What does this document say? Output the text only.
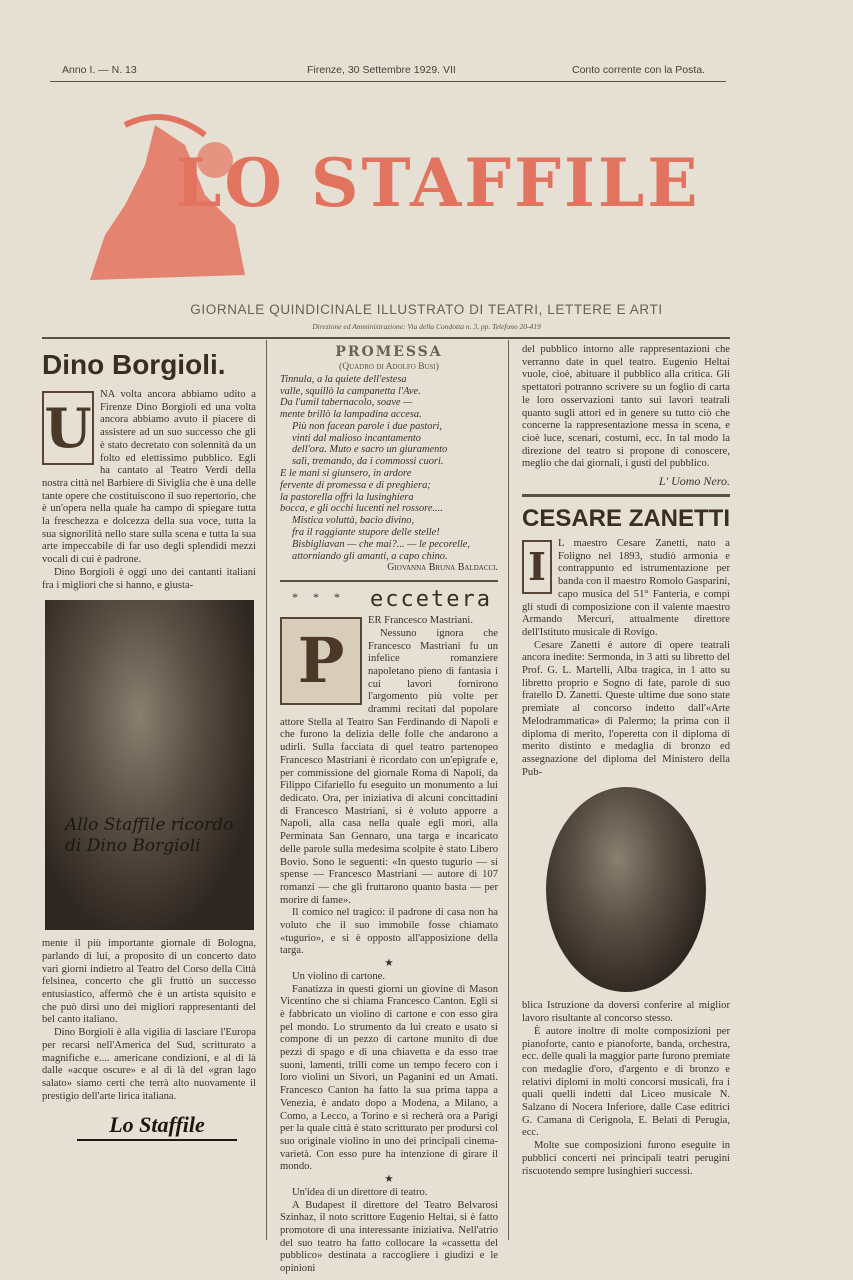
Anno I. — N. 13	Firenze, 30 Settembre 1929. VII	Conto corrente con la Posta.
LO STAFFILE
GIORNALE QUINDICINALE ILLUSTRATO DI TEATRI, LETTERE E ARTI
Direzione ed Amministrazione: Via della Condotta n. 3, pp. Telefono 20-419
Dino Borgioli.

U
NA volta ancora abbiamo udito a Firenze Dino Borgioli ed una volta ancora abbiamo avuto il piacere di assistere ad un suo successo che gli è stato decretato con solennità da un folto ed elettissimo pubblico. Egli ha cantato al Teatro Verdi della nostra città nel Barbiere di Siviglia che è una delle tante opere che costituiscono il suo repertorio, che è un'opera nella quale ha campo di spiegare tutta la freschezza e dolcezza della sua voce, tutta la sua signorilità nello stare sulla scena e tutta la sua arte impeccabile di far uso degli splendidi mezzi vocali di cui è padrone.

Dino Borgioli è oggi uno dei cantanti italiani fra i migliori che si hanno, e giusta-

Allo Staffile ricordo di Dino Borgioli

mente il più importante giornale di Bologna, parlando di lui, a proposito di un concerto dato vari giorni indietro al Teatro del Corso della Città felsinea, concerto che gli fruttò un successo entusiastico, affermò che è un artista squisito e che può dirsi uno dei migliori rappresentanti del bel canto italiano.

Dino Borgioli è alla vigilia di lasciare l'Europa per recarsi nell'America del Sud, scritturato a magnifiche e.... americane condizioni, e al di là dalle «acque oscure» e al di là del «gran lago salato» siamo certi che terrà alto nuovamente il prestigio dell'arte lirica italiana.

Lo Staffile
PROMESSA
(Quadro di Adolfo Busi)
Tinnula, a la quiete dell'estesa
valle, squillò la campanetta l'Ave.
Da l'umil tabernacolo, soave —
mente brillò la lampadina accesa.
Più non facean parole i due pastori,
vinti dal malioso incantamento
dell'ora. Muto e sacro un giuramento
salì, tremando, da i commossi cuori.
E le mani si giunsero, in ardore
fervente di promessa e di preghiera;
la pastorella offrì la lusinghiera
bocca, e gli occhi lucenti nel rossore....
Mistica voluttà, bacio divino,
fra il raggiante stupore delle stelle!
Bisbigliavan — che mai?... — le pecorelle,
attorniando gli amanti, a capo chino.
Giovanna Bruna Baldacci.
* * * eccetera

P
ER Francesco Mastriani.

Nessuno ignora che Francesco Mastriani fu un infelice romanziere napoletano pieno di fantasia i cui lavori fornirono l'argomento più volte per drammi recitati dal popolare attore Stella al Teatro San Ferdinando di Napoli e che furono la delizia delle folle che andarono a udirli. Sulla facciata di quel teatro partenopeo Francesco Mastriani è ricordato con un'epigrafe e, per commissione del giornale Roma di Napoli, da Filippo Cifariello fu eseguito un monumento a lui dedicato. Ora, per iniziativa di alcuni concittadini di Francesco Mastriani, si è voluto apporre a Napoli, alla casa nella quale egli morì, alla Perminata San Gennaro, una targa e incaricato delle parole sulla medesima scolpite è stato Libero Bovio. Sono le seguenti: «In questo tugurio — si spense — Francesco Mastriani — autore di 107 romanzi — che gli fruttarono quanto basta — per morire di fame».

Il comico nel tragico: il padrone di casa non ha voluto che il suo immobile fosse chiamato «tugurio», e si è opposto all'apposizione della targa.

★

Un violino di cartone.

Fanatizza in questi giorni un giovine di Mason Vicentino che si chiama Francesco Canton. Egli si è fabbricato un violino di cartone e con esso gira pel mondo. Lo strumento da lui creato e usato si compone di un pezzo di cartone munito di due pezzi di spago e di una chiavetta e da esso trae suoni, lamenti, trilli come un tempo fecero con i loro violini un Sivori, un Paganini ed un Amati. Francesco Canton ha fatto la sua prima tappa a Venezia, è andato dopo a Modena, a Milano, a Como, a Lecco, a Torino e si recherà ora a Parigi per la quale città è stato scritturato per prodursi col suo originale violino in uno dei principali cinema-varietà. Con esso pure ha intenzione di girare il mondo.

★

Un'idea di un direttore di teatro.

A Budapest il direttore del Teatro Belvarosi Szinhaz, il noto scrittore Eugenio Heltai, si è fatto promotore di una interessante iniziativa. Nell'atrio del suo teatro ha fatto collocare la «cassetta del pubblico» destinata a raccogliere i giudizi e le opinioni

del pubblico intorno alle rappresentazioni che verranno date in quel teatro. Eugenio Heltai vuole, cioè, abituare il pubblico alla critica. Gli spettatori potranno scrivere su un foglio di carta le loro osservazioni tanto sui lavori teatrali quanto sugli attori ed in genere su tutto ciò che concerne la rappresentazione messa in scena, e cioè luce, scenari, costumi, ecc. In tal modo la direzione del teatro si propone di conoscere, meglio che dai giornali, i gusti del pubblico.

L' Uomo Nero.
CESARE ZANETTI

I
L maestro Cesare Zanetti, nato a Foligno nel 1893, studiò armonia e contrappunto ed istrumentazione per banda con il maestro Romolo Gasparini, capo musica del 51° Fanteria, e compì gli studi di composizione con il valente maestro Armando Mercuri, attualmente direttore dell'Istituto musicale di Rovigo.

Cesare Zanetti è autore di opere teatrali ancora inedite: Sermonda, in 3 atti su libretto del Prof. G. L. Martelli, Alba tragica, in 1 atto su libretto proprio e Sogno di fate, parole di suo fratello D. Zanetti. Queste ultime due sono state premiate al concorso indetto dall'«Arte Melodrammatica» di Palermo; la prima con il diploma di merito, l'operetta con il diploma di merito distinto e medaglia di bronzo ed assegnazione del diploma del Ministero della Pub-

blica Istruzione da doversi conferire al miglior lavoro risultante al concorso stesso.

È autore inoltre di molte composizioni per pianoforte, canto e pianoforte, banda, orchestra, ecc. delle quali la maggior parte furono premiate con medaglie d'oro, d'argento e di bronzo e relativi diplomi in molti concorsi musicali, fra i quali quelli indetti dal Liceo musicale N. Salzano di Nocera Inferiore, dalle Case editrici G. Camana di Cerignola, E. Belati di Perugia, ecc.

Molte sue composizioni furono eseguite in pubblici concerti nei principali teatri perugini riscuotendo sempre lusinghieri successi.
